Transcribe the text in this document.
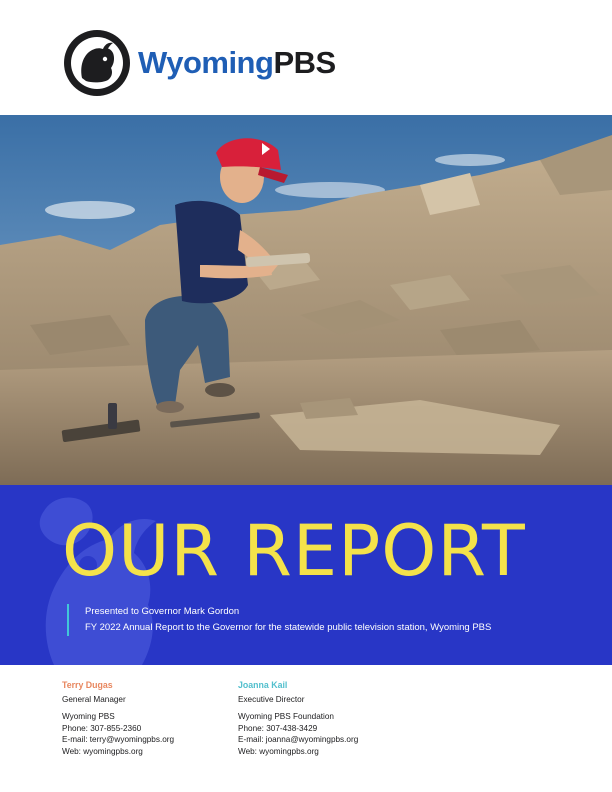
WyomingPBS
OUR REPORT
Presented to Governor Mark Gordon
FY 2022 Annual Report to the Governor for the statewide public television station, Wyoming PBS
Terry Dugas
General Manager
Wyoming PBS
Phone: 307-855-2360
E-mail: terry@wyomingpbs.org
Web: wyomingpbs.org
Joanna Kail
Executive Director
Wyoming PBS Foundation
Phone: 307-438-3429
E-mail: joanna@wyomingpbs.org
Web: wyomingpbs.org
